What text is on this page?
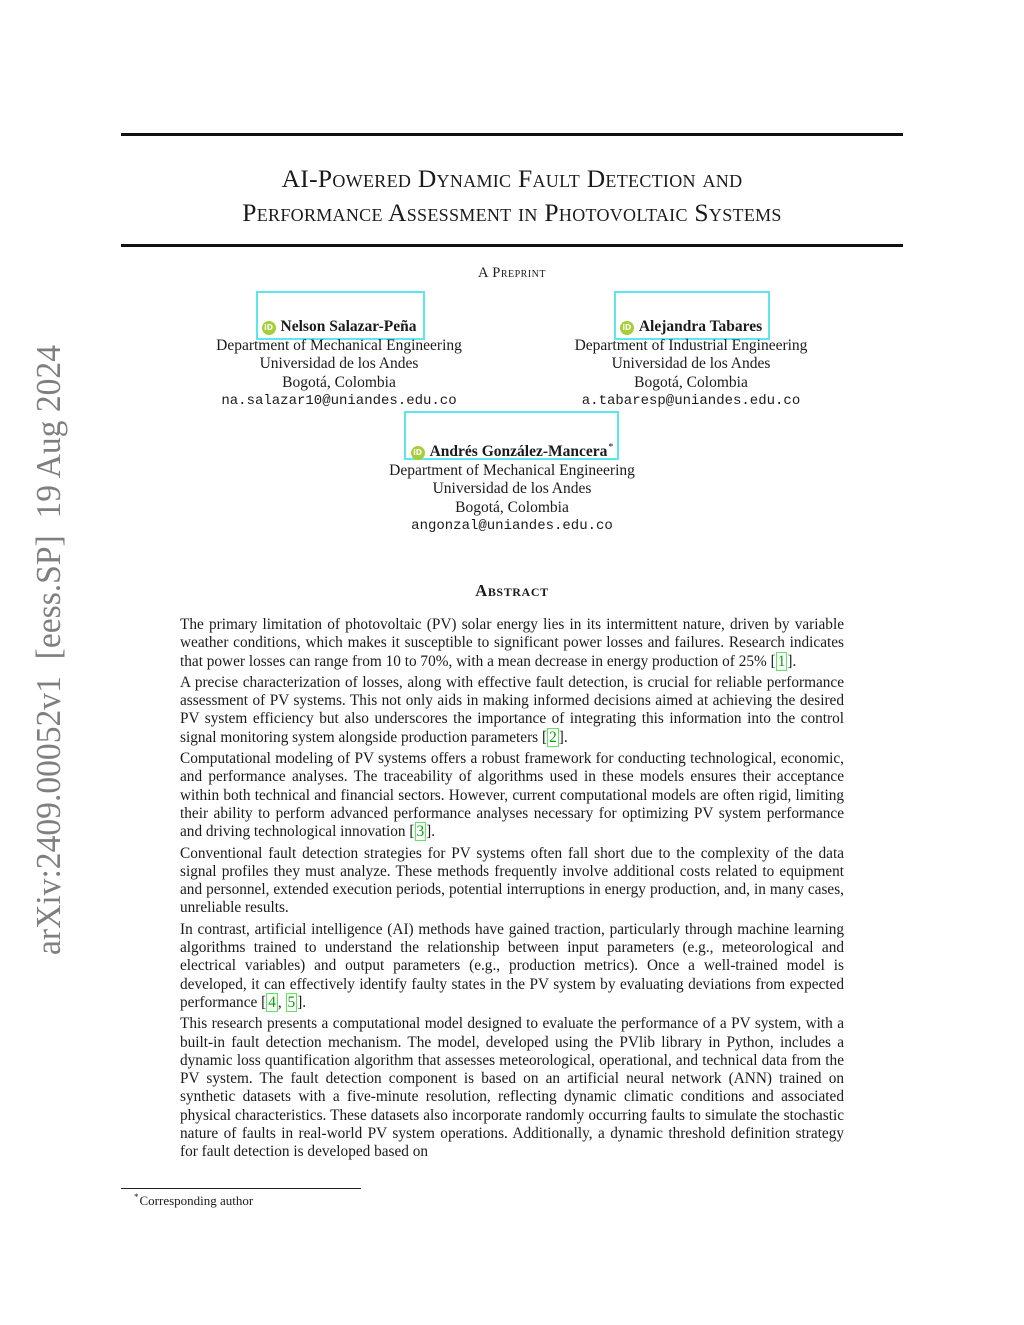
arXiv:2409.00052v1  [eess.SP]  19 Aug 2024
AI-Powered Dynamic Fault Detection and
Performance Assessment in Photovoltaic Systems
A Preprint
iD Nelson Salazar-Peña
Department of Mechanical Engineering
Universidad de los Andes
Bogotá, Colombia
na.salazar10@uniandes.edu.co
iD Alejandra Tabares
Department of Industrial Engineering
Universidad de los Andes
Bogotá, Colombia
a.tabaresp@uniandes.edu.co
iD Andrés González-Mancera*
Department of Mechanical Engineering
Universidad de los Andes
Bogotá, Colombia
angonzal@uniandes.edu.co
Abstract

The primary limitation of photovoltaic (PV) solar energy lies in its intermittent nature, driven by variable weather conditions, which makes it susceptible to significant power losses and failures. Research indicates that power losses can range from 10 to 70%, with a mean decrease in energy production of 25% [ 1 ].

A precise characterization of losses, along with effective fault detection, is crucial for reliable performance assessment of PV systems. This not only aids in making informed decisions aimed at achieving the desired PV system efficiency but also underscores the importance of integrating this information into the control signal monitoring system alongside production parameters [ 2 ].

Computational modeling of PV systems offers a robust framework for conducting technological, economic, and performance analyses. The traceability of algorithms used in these models ensures their acceptance within both technical and financial sectors. However, current computational models are often rigid, limiting their ability to perform advanced performance analyses necessary for optimizing PV system performance and driving technological innovation [ 3 ].

Conventional fault detection strategies for PV systems often fall short due to the complexity of the data signal profiles they must analyze. These methods frequently involve additional costs related to equipment and personnel, extended execution periods, potential interruptions in energy production, and, in many cases, unreliable results.

In contrast, artificial intelligence (AI) methods have gained traction, particularly through machine learning algorithms trained to understand the relationship between input parameters (e.g., meteorological and electrical variables) and output parameters (e.g., production metrics). Once a well-trained model is developed, it can effectively identify faulty states in the PV system by evaluating deviations from expected performance [ 4 , 5 ].

This research presents a computational model designed to evaluate the performance of a PV system, with a built-in fault detection mechanism. The model, developed using the PVlib library in Python, includes a dynamic loss quantification algorithm that assesses meteorological, operational, and technical data from the PV system. The fault detection component is based on an artificial neural network (ANN) trained on synthetic datasets with a five-minute resolution, reflecting dynamic climatic conditions and associated physical characteristics. These datasets also incorporate randomly occurring faults to simulate the stochastic nature of faults in real-world PV system operations. Additionally, a dynamic threshold definition strategy for fault detection is developed based on

*Corresponding author
